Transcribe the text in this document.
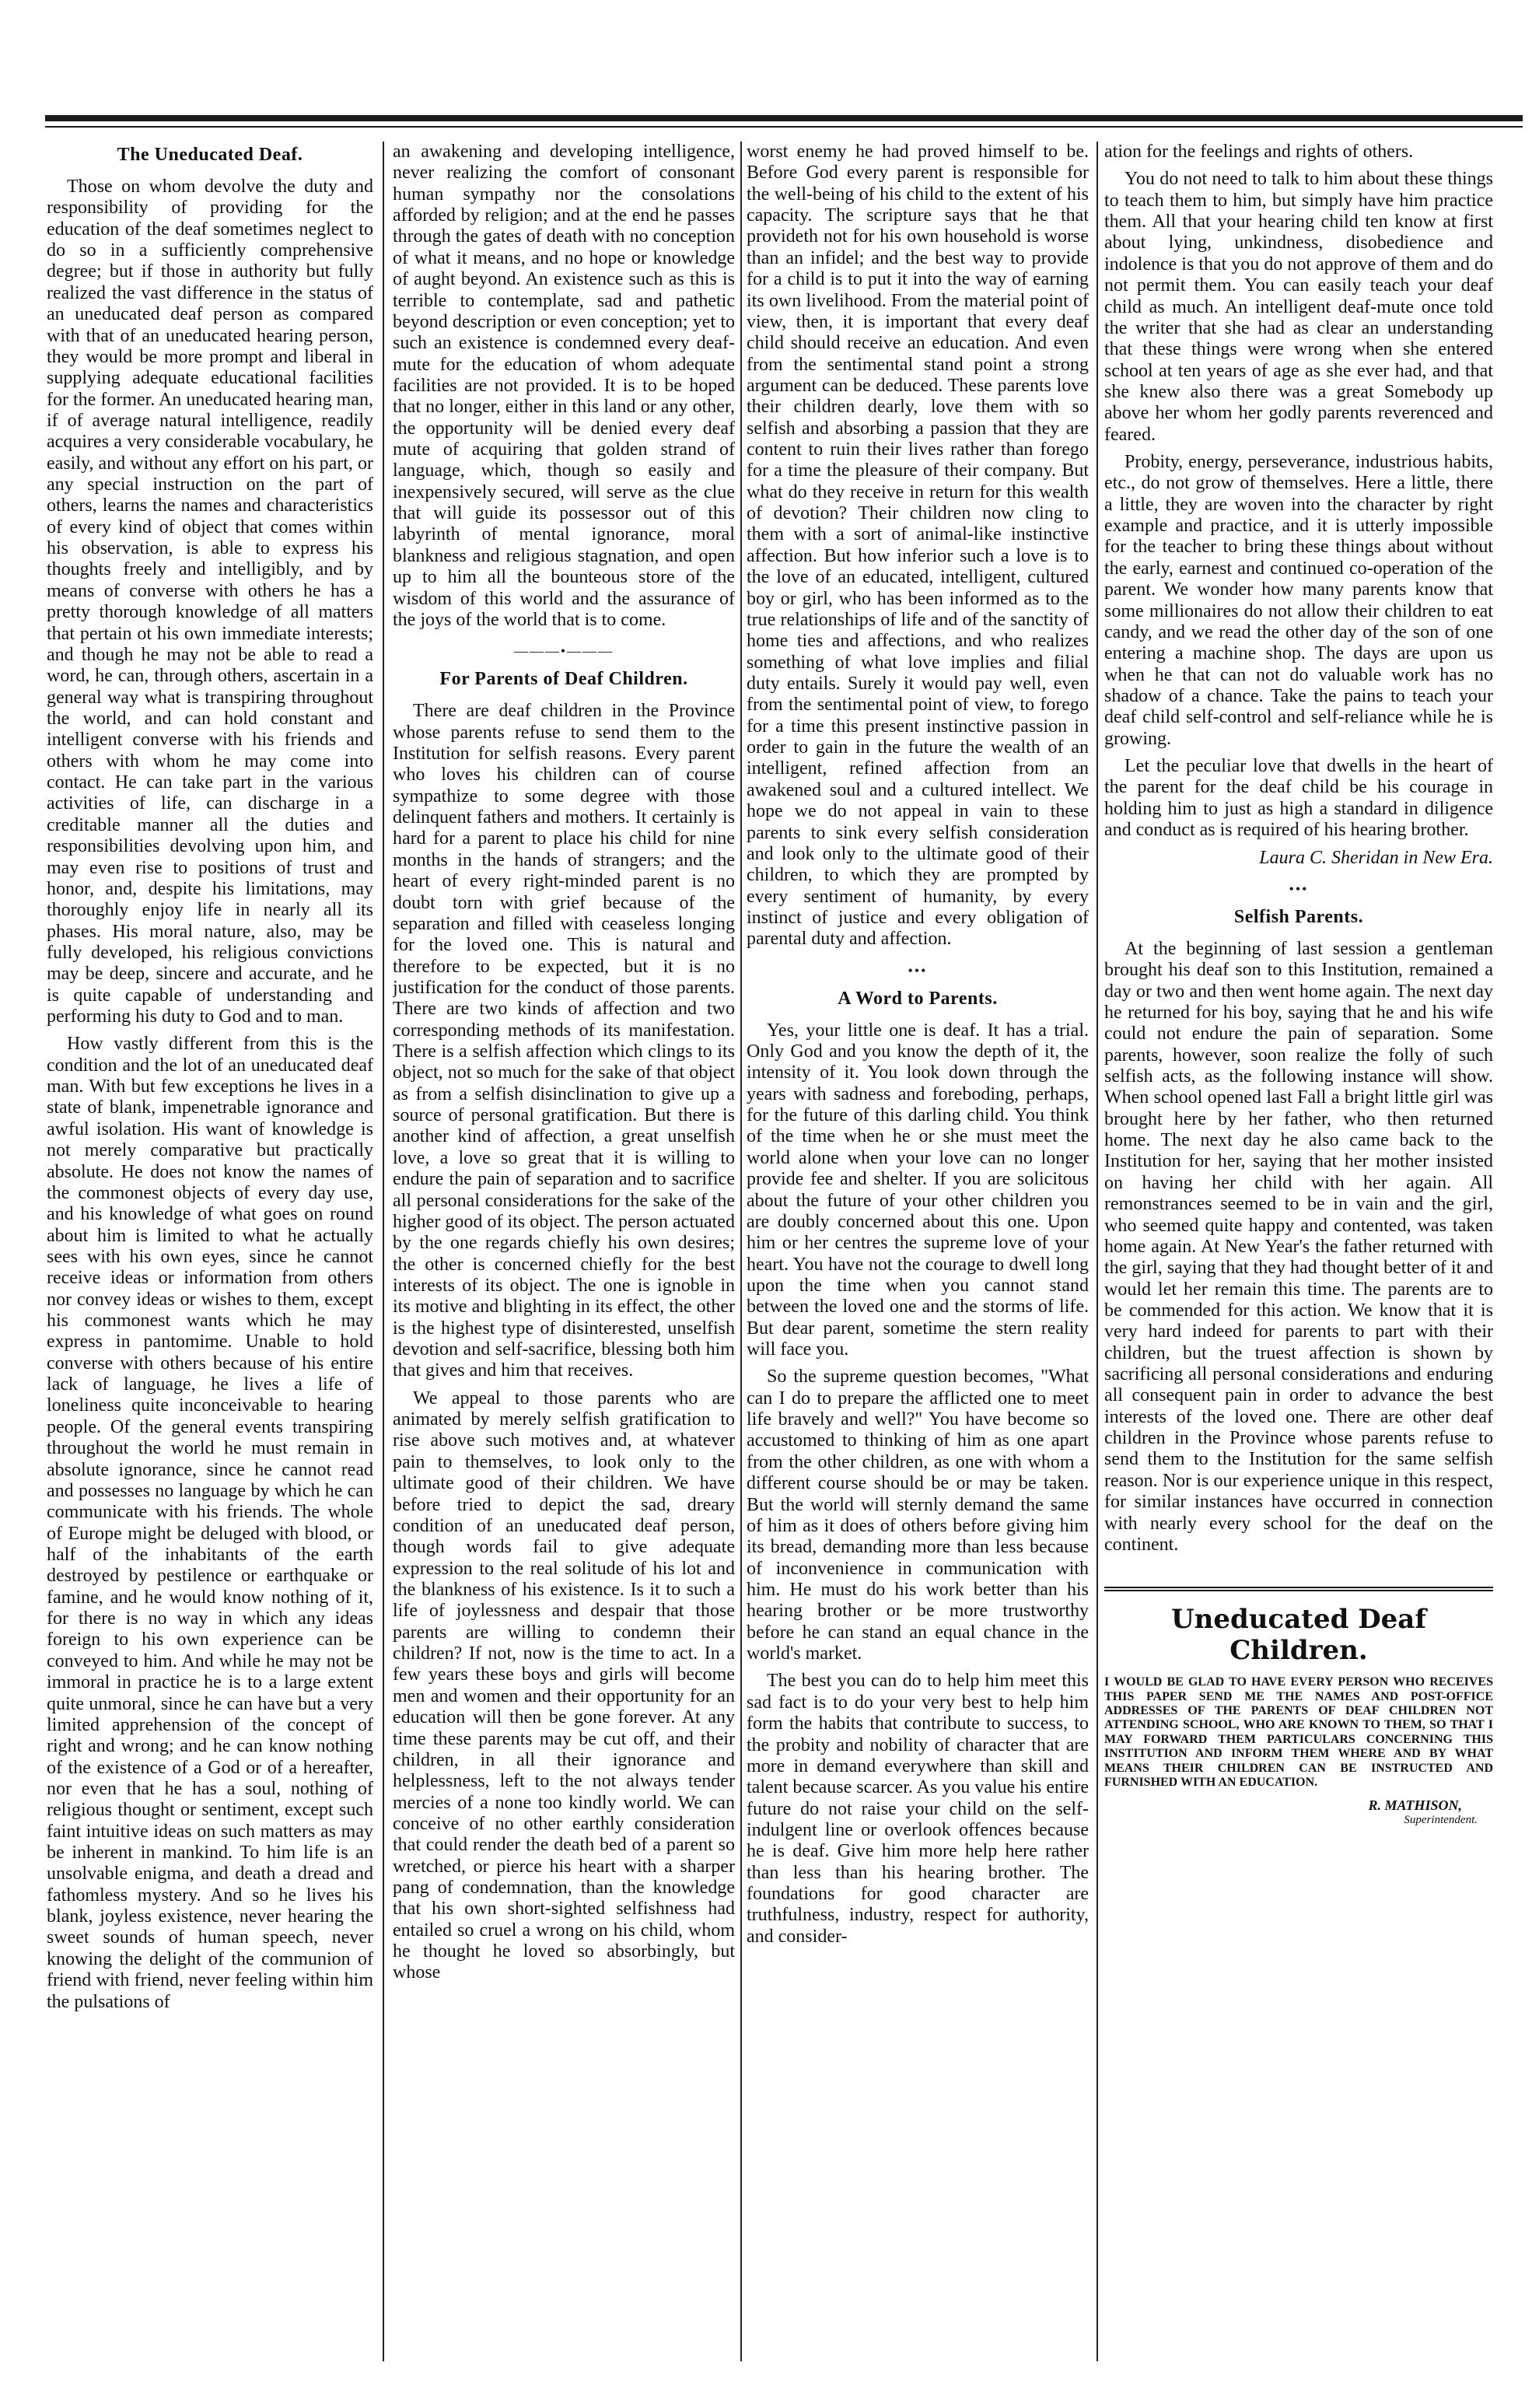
The Uneducated Deaf.

Those on whom devolve the duty and responsibility of providing for the education of the deaf sometimes neglect to do so in a sufficiently comprehensive degree; but if those in authority but fully realized the vast difference in the status of an uneducated deaf person as compared with that of an uneducated hearing person, they would be more prompt and liberal in supplying adequate educational facilities for the former. An uneducated hearing man, if of average natural intelligence, readily acquires a very considerable vocabulary, he easily, and without any effort on his part, or any special instruction on the part of others, learns the names and characteristics of every kind of object that comes within his observation, is able to express his thoughts freely and intelligibly, and by means of converse with others he has a pretty thorough knowledge of all matters that pertain ot his own immediate interests; and though he may not be able to read a word, he can, through others, ascertain in a general way what is transpiring throughout the world, and can hold constant and intelligent converse with his friends and others with whom he may come into contact. He can take part in the various activities of life, can discharge in a creditable manner all the duties and responsibilities devolving upon him, and may even rise to positions of trust and honor, and, despite his limitations, may thoroughly enjoy life in nearly all its phases. His moral nature, also, may be fully developed, his religious convictions may be deep, sincere and accurate, and he is quite capable of understanding and performing his duty to God and to man.

How vastly different from this is the condition and the lot of an uneducated deaf man. With but few exceptions he lives in a state of blank, impenetrable ignorance and awful isolation. His want of knowledge is not merely comparative but practically absolute. He does not know the names of the commonest objects of every day use, and his knowledge of what goes on round about him is limited to what he actually sees with his own eyes, since he cannot receive ideas or information from others nor convey ideas or wishes to them, except his commonest wants which he may express in pantomime. Unable to hold converse with others because of his entire lack of language, he lives a life of loneliness quite inconceivable to hearing people. Of the general events transpiring throughout the world he must remain in absolute ignorance, since he cannot read and possesses no language by which he can communicate with his friends. The whole of Europe might be deluged with blood, or half of the inhabitants of the earth destroyed by pestilence or earthquake or famine, and he would know nothing of it, for there is no way in which any ideas foreign to his own experience can be conveyed to him. And while he may not be immoral in practice he is to a large extent quite unmoral, since he can have but a very limited apprehension of the concept of right and wrong; and he can know nothing of the existence of a God or of a hereafter, nor even that he has a soul, nothing of religious thought or sentiment, except such faint intuitive ideas on such matters as may be inherent in mankind. To him life is an unsolvable enigma, and death a dread and fathomless mystery. And so he lives his blank, joyless existence, never hearing the sweet sounds of human speech, never knowing the delight of the communion of friend with friend, never feeling within him the pulsations of

an awakening and developing intelligence, never realizing the comfort of consonant human sympathy nor the consolations afforded by religion; and at the end he passes through the gates of death with no conception of what it means, and no hope or knowledge of aught beyond. An existence such as this is terrible to contemplate, sad and pathetic beyond description or even conception; yet to such an existence is condemned every deaf-mute for the education of whom adequate facilities are not provided. It is to be hoped that no longer, either in this land or any other, the opportunity will be denied every deaf mute of acquiring that golden strand of language, which, though so easily and inexpensively secured, will serve as the clue that will guide its possessor out of this labyrinth of mental ignorance, moral blankness and religious stagnation, and open up to him all the bounteous store of the wisdom of this world and the assurance of the joys of the world that is to come.

———•———
For Parents of Deaf Children.

There are deaf children in the Province whose parents refuse to send them to the Institution for selfish reasons. Every parent who loves his children can of course sympathize to some degree with those delinquent fathers and mothers. It certainly is hard for a parent to place his child for nine months in the hands of strangers; and the heart of every right-minded parent is no doubt torn with grief because of the separation and filled with ceaseless longing for the loved one. This is natural and therefore to be expected, but it is no justification for the conduct of those parents. There are two kinds of affection and two corresponding methods of its manifestation. There is a selfish affection which clings to its object, not so much for the sake of that object as from a selfish disinclination to give up a source of personal gratification. But there is another kind of affection, a great unselfish love, a love so great that it is willing to endure the pain of separation and to sacrifice all personal considerations for the sake of the higher good of its object. The person actuated by the one regards chiefly his own desires; the other is concerned chiefly for the best interests of its object. The one is ignoble in its motive and blighting in its effect, the other is the highest type of disinterested, unselfish devotion and self-sacrifice, blessing both him that gives and him that receives.

We appeal to those parents who are animated by merely selfish gratification to rise above such motives and, at whatever pain to themselves, to look only to the ultimate good of their children. We have before tried to depict the sad, dreary condition of an uneducated deaf person, though words fail to give adequate expression to the real solitude of his lot and the blankness of his existence. Is it to such a life of joylessness and despair that those parents are willing to condemn their children? If not, now is the time to act. In a few years these boys and girls will become men and women and their opportunity for an education will then be gone forever. At any time these parents may be cut off, and their children, in all their ignorance and helplessness, left to the not always tender mercies of a none too kindly world. We can conceive of no other earthly consideration that could render the death bed of a parent so wretched, or pierce his heart with a sharper pang of condemnation, than the knowledge that his own short-sighted selfishness had entailed so cruel a wrong on his child, whom he thought he loved so absorbingly, but whose

worst enemy he had proved himself to be. Before God every parent is responsible for the well-being of his child to the extent of his capacity. The scripture says that he that provideth not for his own household is worse than an infidel; and the best way to provide for a child is to put it into the way of earning its own livelihood. From the material point of view, then, it is important that every deaf child should receive an education. And even from the sentimental stand point a strong argument can be deduced. These parents love their children dearly, love them with so selfish and absorbing a passion that they are content to ruin their lives rather than forego for a time the pleasure of their company. But what do they receive in return for this wealth of devotion? Their children now cling to them with a sort of animal-like instinctive affection. But how inferior such a love is to the love of an educated, intelligent, cultured boy or girl, who has been informed as to the true relationships of life and of the sanctity of home ties and affections, and who realizes something of what love implies and filial duty entails. Surely it would pay well, even from the sentimental point of view, to forego for a time this present instinctive passion in order to gain in the future the wealth of an intelligent, refined affection from an awakened soul and a cultured intellect. We hope we do not appeal in vain to these parents to sink every selfish consideration and look only to the ultimate good of their children, to which they are prompted by every sentiment of humanity, by every instinct of justice and every obligation of parental duty and affection.

•••
A Word to Parents.

Yes, your little one is deaf. It has a trial. Only God and you know the depth of it, the intensity of it. You look down through the years with sadness and foreboding, perhaps, for the future of this darling child. You think of the time when he or she must meet the world alone when your love can no longer provide fee and shelter. If you are solicitous about the future of your other children you are doubly concerned about this one. Upon him or her centres the supreme love of your heart. You have not the courage to dwell long upon the time when you cannot stand between the loved one and the storms of life. But dear parent, sometime the stern reality will face you.

So the supreme question becomes, "What can I do to prepare the afflicted one to meet life bravely and well?" You have become so accustomed to thinking of him as one apart from the other children, as one with whom a different course should be or may be taken. But the world will sternly demand the same of him as it does of others before giving him its bread, demanding more than less because of inconvenience in communication with him. He must do his work better than his hearing brother or be more trustworthy before he can stand an equal chance in the world's market.

The best you can do to help him meet this sad fact is to do your very best to help him form the habits that contribute to success, to the probity and nobility of character that are more in demand everywhere than skill and talent because scarcer. As you value his entire future do not raise your child on the self-indulgent line or overlook offences because he is deaf. Give him more help here rather than less than his hearing brother. The foundations for good character are truthfulness, industry, respect for authority, and consider-

ation for the feelings and rights of others.

You do not need to talk to him about these things to teach them to him, but simply have him practice them. All that your hearing child ten know at first about lying, unkindness, disobedience and indolence is that you do not approve of them and do not permit them. You can easily teach your deaf child as much. An intelligent deaf-mute once told the writer that she had as clear an understanding that these things were wrong when she entered school at ten years of age as she ever had, and that she knew also there was a great Somebody up above her whom her godly parents reverenced and feared.

Probity, energy, perseverance, industrious habits, etc., do not grow of themselves. Here a little, there a little, they are woven into the character by right example and practice, and it is utterly impossible for the teacher to bring these things about without the early, earnest and continued co-operation of the parent. We wonder how many parents know that some millionaires do not allow their children to eat candy, and we read the other day of the son of one entering a machine shop. The days are upon us when he that can not do valuable work has no shadow of a chance. Take the pains to teach your deaf child self-control and self-reliance while he is growing.

Let the peculiar love that dwells in the heart of the parent for the deaf child be his courage in holding him to just as high a standard in diligence and conduct as is required of his hearing brother.

Laura C. Sheridan in New Era.

•••
Selfish Parents.

At the beginning of last session a gentleman brought his deaf son to this Institution, remained a day or two and then went home again. The next day he returned for his boy, saying that he and his wife could not endure the pain of separation. Some parents, however, soon realize the folly of such selfish acts, as the following instance will show. When school opened last Fall a bright little girl was brought here by her father, who then returned home. The next day he also came back to the Institution for her, saying that her mother insisted on having her child with her again. All remonstrances seemed to be in vain and the girl, who seemed quite happy and contented, was taken home again. At New Year's the father returned with the girl, saying that they had thought better of it and would let her remain this time. The parents are to be commended for this action. We know that it is very hard indeed for parents to part with their children, but the truest affection is shown by sacrificing all personal considerations and enduring all consequent pain in order to advance the best interests of the loved one. There are other deaf children in the Province whose parents refuse to send them to the Institution for the same selfish reason. Nor is our experience unique in this respect, for similar instances have occurred in connection with nearly every school for the deaf on the continent.

Uneducated Deaf Children.

I WOULD BE GLAD TO HAVE EVERY PERSON WHO RECEIVES THIS PAPER SEND ME THE NAMES AND POST-OFFICE ADDRESSES OF THE PARENTS OF DEAF CHILDREN NOT ATTENDING SCHOOL, WHO ARE KNOWN TO THEM, SO THAT I MAY FORWARD THEM PARTICULARS CONCERNING THIS INSTITUTION AND INFORM THEM WHERE AND BY WHAT MEANS THEIR CHILDREN CAN BE INSTRUCTED AND FURNISHED WITH AN EDUCATION.

R. MATHISON,
Superintendent.
